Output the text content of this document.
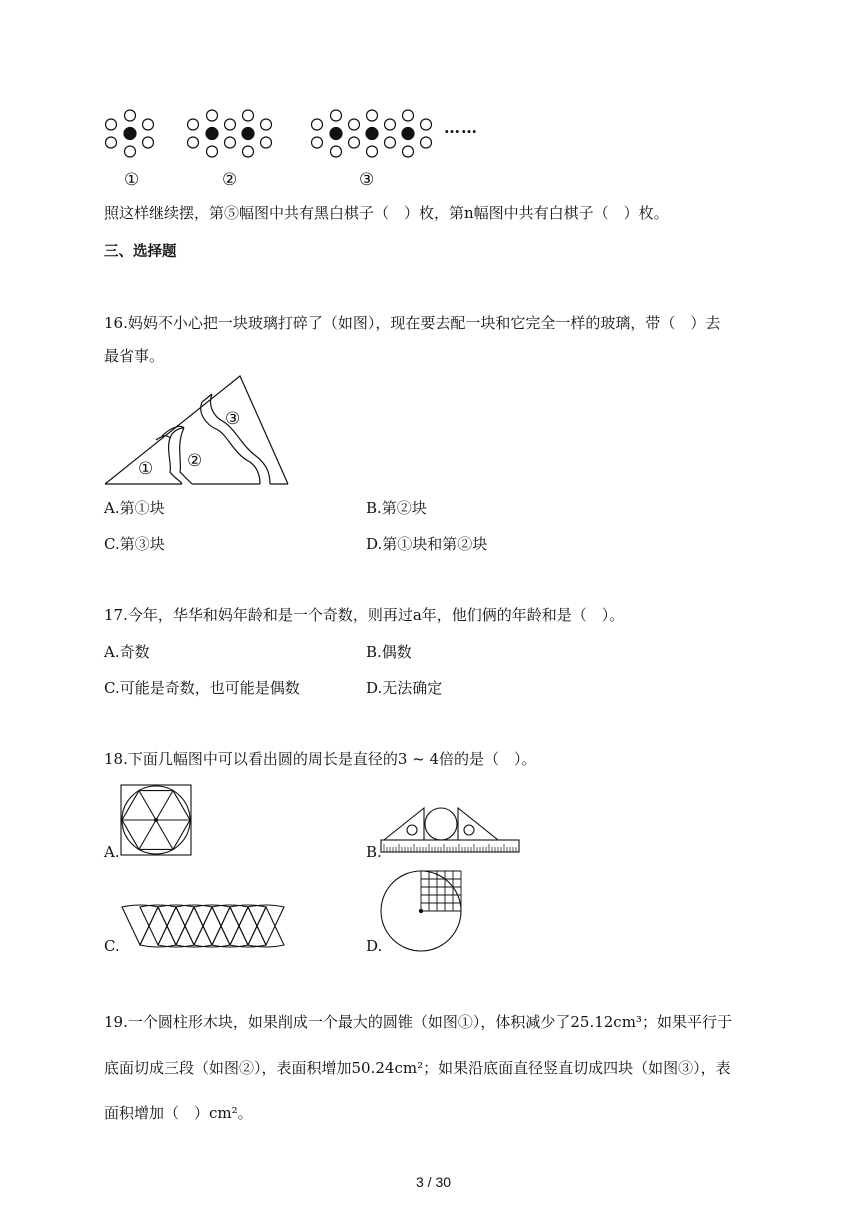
……
①	②	③
照这样继续摆，第⑤幅图中共有黑白棋子（　）枚，第n幅图中共有白棋子（　）枚。
三、选择题
16.妈妈不小心把一块玻璃打碎了（如图），现在要去配一块和它完全一样的玻璃，带（　）去
最省事。
① ②
③
A.第①块	B.第②块
C.第③块	D.第①块和第②块
17.今年，华华和妈年龄和是一个奇数，则再过a年，他们俩的年龄和是（　）。
A.奇数	B.偶数
C.可能是奇数，也可能是偶数	D.无法确定
18.下面几幅图中可以看出圆的周长是直径的3 ~ 4倍的是（　）。
A.	B.
C.	D.
19.一个圆柱形木块，如果削成一个最大的圆锥（如图①），体积减少了25.12cm³；如果平行于
底面切成三段（如图②），表面积增加50.24cm²；如果沿底面直径竖直切成四块（如图③），表
面积增加（　）cm²。
3 / 30
